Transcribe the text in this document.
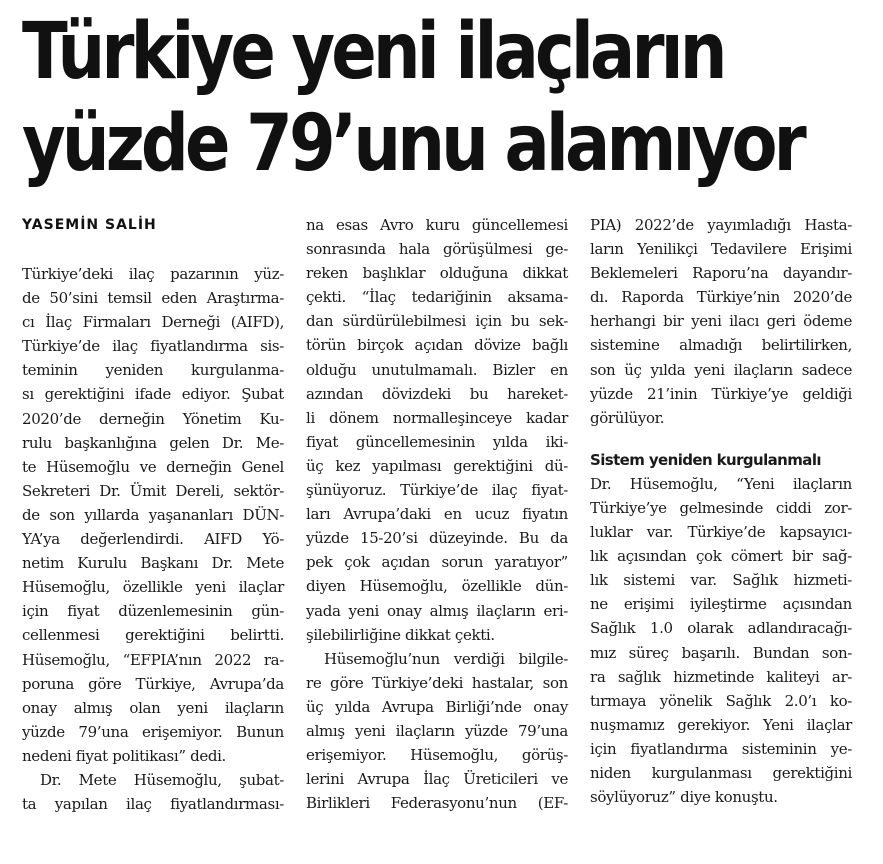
Türkiye yeni ilaçların
yüzde 79’unu alamıyor
YASEMİN SALİH
Türkiye’deki ilaç pazarının yüz-
de 50’sini temsil eden Araştırma-
cı İlaç Firmaları Derneği (AIFD),
Türkiye’de ilaç fiyatlandırma sis-
teminin yeniden kurgulanma-
sı gerektiğini ifade ediyor. Şubat
2020’de derneğin Yönetim Ku-
rulu başkanlığına gelen Dr. Me-
te Hüsemoğlu ve derneğin Genel
Sekreteri Dr. Ümit Dereli, sektör-
de son yıllarda yaşananları DÜN-
YA’ya değerlendirdi. AIFD Yö-
netim Kurulu Başkanı Dr. Mete
Hüsemoğlu, özellikle yeni ilaçlar
için fiyat düzenlemesinin gün-
cellenmesi gerektiğini belirtti.
Hüsemoğlu, “EFPIA’nın 2022 ra-
poruna göre Türkiye, Avrupa’da
onay almış olan yeni ilaçların
yüzde 79’una erişemiyor. Bunun
nedeni fiyat politikası” dedi.
Dr. Mete Hüsemoğlu, şubat-
ta yapılan ilaç fiyatlandırması-
na esas Avro kuru güncellemesi
sonrasında hala görüşülmesi ge-
reken başlıklar olduğuna dikkat
çekti. “İlaç tedariğinin aksama-
dan sürdürülebilmesi için bu sek-
törün birçok açıdan dövize bağlı
olduğu unutulmamalı. Bizler en
azından dövizdeki bu hareket-
li dönem normalleşinceye kadar
fiyat güncellemesinin yılda iki-
üç kez yapılması gerektiğini dü-
şünüyoruz. Türkiye’de ilaç fiyat-
ları Avrupa’daki en ucuz fiyatın
yüzde 15-20’si düzeyinde. Bu da
pek çok açıdan sorun yaratıyor”
diyen Hüsemoğlu, özellikle dün-
yada yeni onay almış ilaçların eri-
şilebilirliğine dikkat çekti.
Hüsemoğlu’nun verdiği bilgile-
re göre Türkiye’deki hastalar, son
üç yılda Avrupa Birliği’nde onay
almış yeni ilaçların yüzde 79’una
erişemiyor. Hüsemoğlu, görüş-
lerini Avrupa İlaç Üreticileri ve
Birlikleri Federasyonu’nun (EF-
PIA) 2022’de yayımladığı Hasta-
ların Yenilikçi Tedavilere Erişimi
Beklemeleri Raporu’na dayandır-
dı. Raporda Türkiye’nin 2020’de
herhangi bir yeni ilacı geri ödeme
sistemine almadığı belirtilirken,
son üç yılda yeni ilaçların sadece
yüzde 21’inin Türkiye’ye geldiği
görülüyor.
Sistem yeniden kurgulanmalı
Dr. Hüsemoğlu, “Yeni ilaçların
Türkiye’ye gelmesinde ciddi zor-
luklar var. Türkiye’de kapsayıcı-
lık açısından çok cömert bir sağ-
lık sistemi var. Sağlık hizmeti-
ne erişimi iyileştirme açısından
Sağlık 1.0 olarak adlandıracağı-
mız süreç başarılı. Bundan son-
ra sağlık hizmetinde kaliteyi ar-
tırmaya yönelik Sağlık 2.0’ı ko-
nuşmamız gerekiyor. Yeni ilaçlar
için fiyatlandırma sisteminin ye-
niden kurgulanması gerektiğini
söylüyoruz” diye konuştu.
